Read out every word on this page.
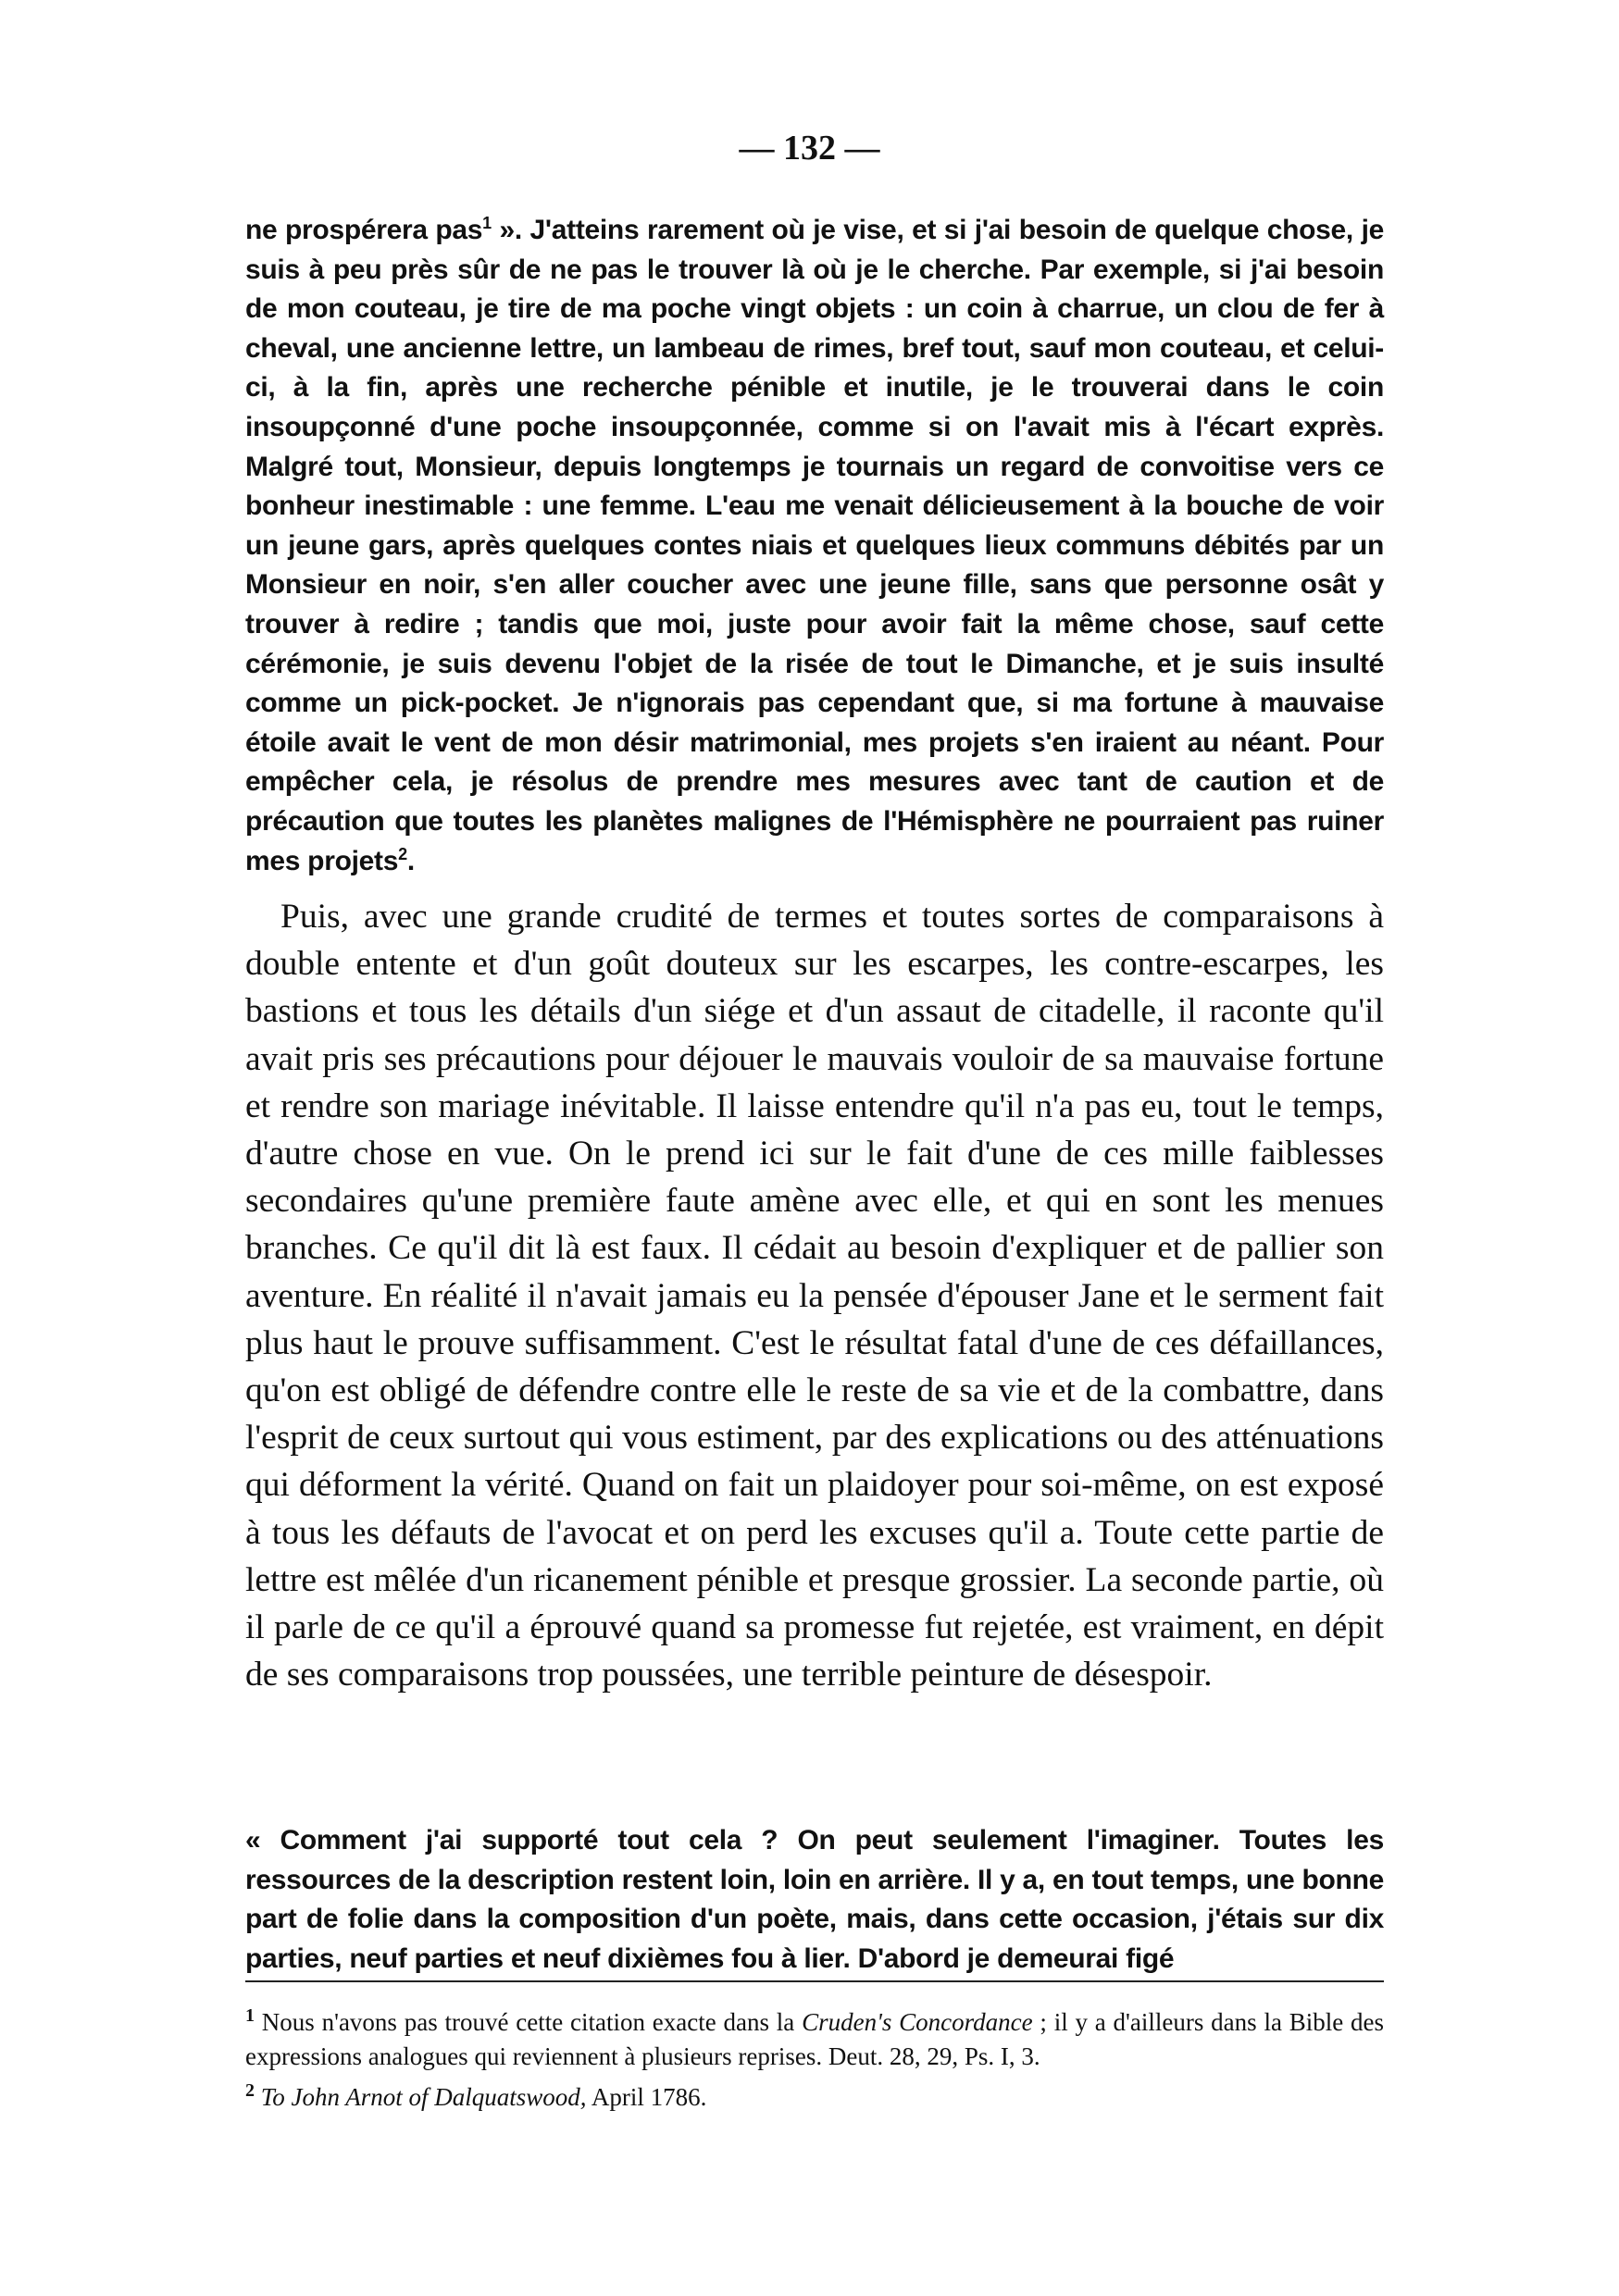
— 132 —

ne prospérera pas$^1$ ». J'atteins rarement où je vise, et si j'ai besoin de quelque chose, je suis à peu près sûr de ne pas le trouver là où je le cherche. Par exemple, si j'ai besoin de mon couteau, je tire de ma poche vingt objets : un coin à charrue, un clou de fer à cheval, une ancienne lettre, un lambeau de rimes, bref tout, sauf mon couteau, et celui-ci, à la fin, après une recherche pénible et inutile, je le trouverai dans le coin insoupçonné d'une poche insoupçonnée, comme si on l'avait mis à l'écart exprès. Malgré tout, Monsieur, depuis longtemps je tournais un regard de convoitise vers ce bonheur inestimable : une femme. L'eau me venait délicieusement à la bouche de voir un jeune gars, après quelques contes niais et quelques lieux communs débités par un Monsieur en noir, s'en aller coucher avec une jeune fille, sans que personne osât y trouver à redire ; tandis que moi, juste pour avoir fait la même chose, sauf cette cérémonie, je suis devenu l'objet de la risée de tout le Dimanche, et je suis insulté comme un pick-pocket. Je n'ignorais pas cependant que, si ma fortune à mauvaise étoile avait le vent de mon désir matrimonial, mes projets s'en iraient au néant. Pour empêcher cela, je résolus de prendre mes mesures avec tant de caution et de précaution que toutes les planètes malignes de l'Hémisphère ne pourraient pas ruiner mes projets$^2$.

Puis, avec une grande crudité de termes et toutes sortes de comparaisons à double entente et d'un goût douteux sur les escarpes, les contre-escarpes, les bastions et tous les détails d'un siége et d'un assaut de citadelle, il raconte qu'il avait pris ses précautions pour déjouer le mauvais vouloir de sa mauvaise fortune et rendre son mariage inévitable. Il laisse entendre qu'il n'a pas eu, tout le temps, d'autre chose en vue. On le prend ici sur le fait d'une de ces mille faiblesses secondaires qu'une première faute amène avec elle, et qui en sont les menues branches. Ce qu'il dit là est faux. Il cédait au besoin d'expliquer et de pallier son aventure. En réalité il n'avait jamais eu la pensée d'épouser Jane et le serment fait plus haut le prouve suffisamment. C'est le résultat fatal d'une de ces défaillances, qu'on est obligé de défendre contre elle le reste de sa vie et de la combattre, dans l'esprit de ceux surtout qui vous estiment, par des explications ou des atténuations qui déforment la vérité. Quand on fait un plaidoyer pour soi-même, on est exposé à tous les défauts de l'avocat et on perd les excuses qu'il a. Toute cette partie de lettre est mêlée d'un ricanement pénible et presque grossier. La seconde partie, où il parle de ce qu'il a éprouvé quand sa promesse fut rejetée, est vraiment, en dépit de ses comparaisons trop poussées, une terrible peinture de désespoir.

« Comment j'ai supporté tout cela ? On peut seulement l'imaginer. Toutes les ressources de la description restent loin, loin en arrière. Il y a, en tout temps, une bonne part de folie dans la composition d'un poète, mais, dans cette occasion, j'étais sur dix parties, neuf parties et neuf dixièmes fou à lier. D'abord je demeurai figé

$^1$ Nous n'avons pas trouvé cette citation exacte dans la Cruden's Concordance ; il y a d'ailleurs dans la Bible des expressions analogues qui reviennent à plusieurs reprises. Deut. 28, 29, Ps. I, 3.

$^2$ To John Arnot of Dalquatswood, April 1786.
